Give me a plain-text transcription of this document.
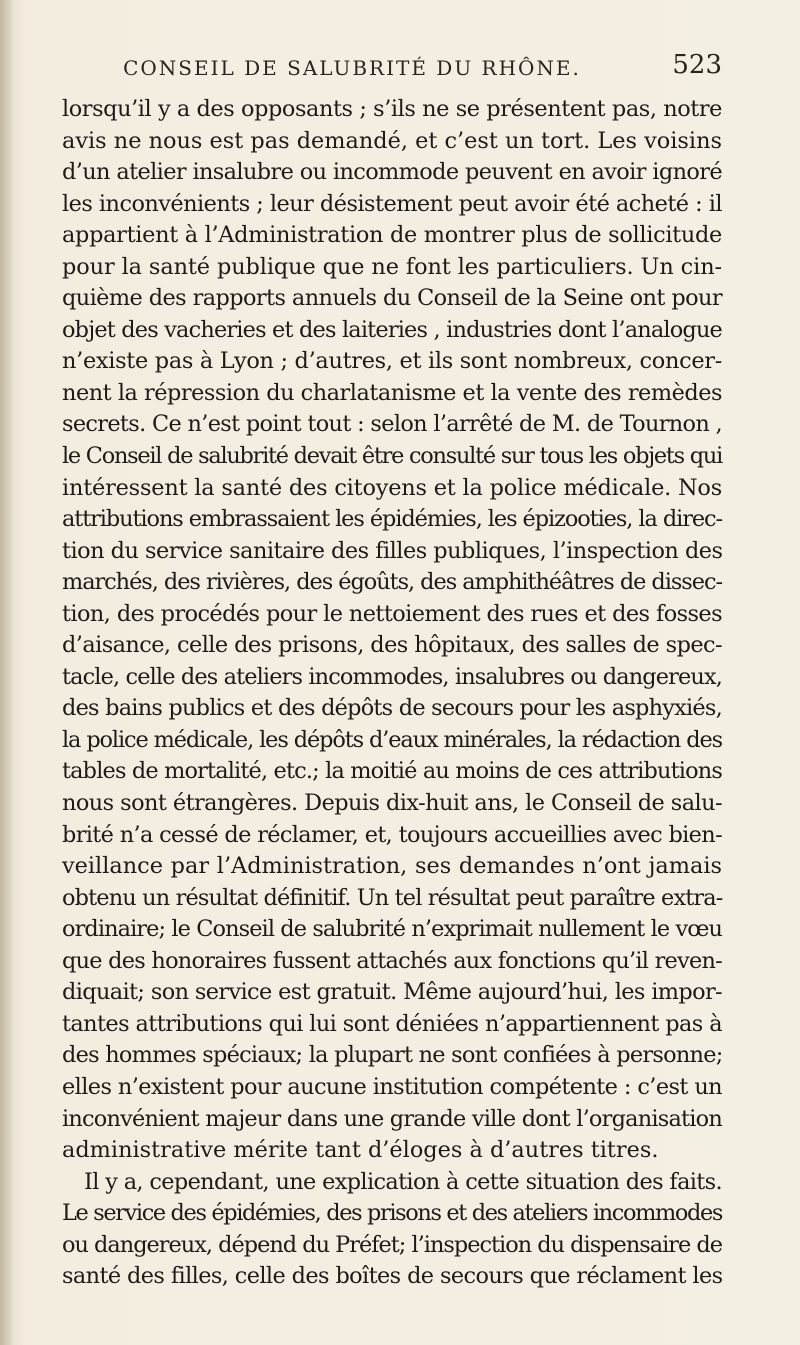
CONSEIL DE SALUBRITÉ DU RHÔNE.	523
lorsqu’il y a des opposants ; s’ils ne se présentent pas, notre
avis ne nous est pas demandé, et c’est un tort. Les voisins
d’un atelier insalubre ou incommode peuvent en avoir ignoré
les inconvénients ; leur désistement peut avoir été acheté : il
appartient à l’Administration de montrer plus de sollicitude
pour la santé publique que ne font les particuliers. Un cin-
quième des rapports annuels du Conseil de la Seine ont pour
objet des vacheries et des laiteries , industries dont l’analogue
n’existe pas à Lyon ; d’autres, et ils sont nombreux, concer-
nent la répression du charlatanisme et la vente des remèdes
secrets. Ce n’est point tout : selon l’arrêté de M. de Tournon ,
le Conseil de salubrité devait être consulté sur tous les objets qui
intéressent la santé des citoyens et la police médicale. Nos
attributions embrassaient les épidémies, les épizooties, la direc-
tion du service sanitaire des filles publiques, l’inspection des
marchés, des rivières, des égoûts, des amphithéâtres de dissec-
tion, des procédés pour le nettoiement des rues et des fosses
d’aisance, celle des prisons, des hôpitaux, des salles de spec-
tacle, celle des ateliers incommodes, insalubres ou dangereux,
des bains publics et des dépôts de secours pour les asphyxiés,
la police médicale, les dépôts d’eaux minérales, la rédaction des
tables de mortalité, etc.; la moitié au moins de ces attributions
nous sont étrangères. Depuis dix-huit ans, le Conseil de salu-
brité n’a cessé de réclamer, et, toujours accueillies avec bien-
veillance par l’Administration, ses demandes n’ont jamais
obtenu un résultat définitif. Un tel résultat peut paraître extra-
ordinaire; le Conseil de salubrité n’exprimait nullement le vœu
que des honoraires fussent attachés aux fonctions qu’il reven-
diquait; son service est gratuit. Même aujourd’hui, les impor-
tantes attributions qui lui sont déniées n’appartiennent pas à
des hommes spéciaux; la plupart ne sont confiées à personne;
elles n’existent pour aucune institution compétente : c’est un
inconvénient majeur dans une grande ville dont l’organisation
administrative mérite tant d’éloges à d’autres titres.
Il y a, cependant, une explication à cette situation des faits.
Le service des épidémies, des prisons et des ateliers incommodes
ou dangereux, dépend du Préfet; l’inspection du dispensaire de
santé des filles, celle des boîtes de secours que réclament les
